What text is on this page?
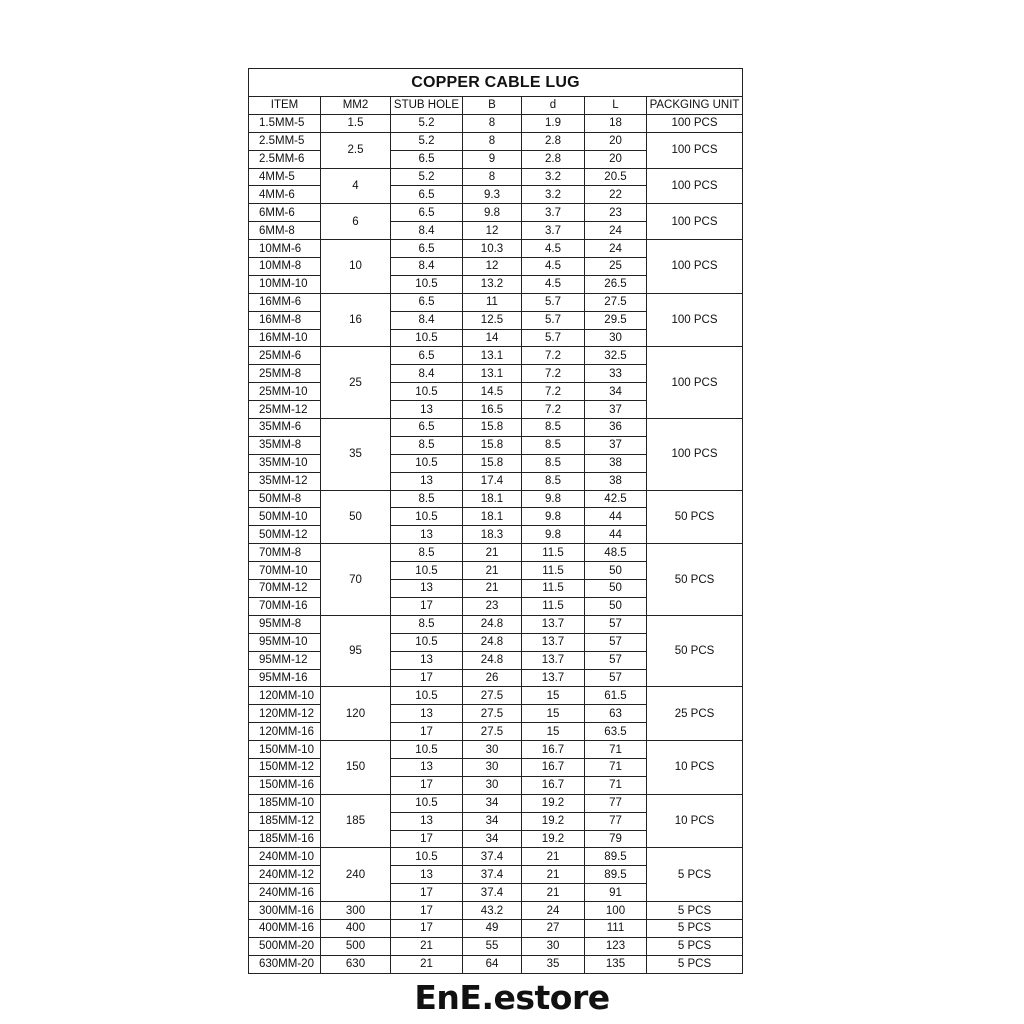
COPPER CABLE LUG						
ITEM	MM2	STUB HOLE	B	d	L	PACKGING UNIT
1.5MM-5	1.5	5.2	8	1.9	18	100 PCS
2.5MM-5	2.5	5.2	8	2.8	20	100 PCS
2.5MM-6		6.5	9	2.8	20	
4MM-5	4	5.2	8	3.2	20.5	100 PCS
4MM-6		6.5	9.3	3.2	22	
6MM-6	6	6.5	9.8	3.7	23	100 PCS
6MM-8		8.4	12	3.7	24	
10MM-6	10	6.5	10.3	4.5	24	100 PCS
10MM-8		8.4	12	4.5	25	
10MM-10		10.5	13.2	4.5	26.5	
16MM-6	16	6.5	11	5.7	27.5	100 PCS
16MM-8		8.4	12.5	5.7	29.5	
16MM-10		10.5	14	5.7	30	
25MM-6	25	6.5	13.1	7.2	32.5	100 PCS
25MM-8		8.4	13.1	7.2	33	
25MM-10		10.5	14.5	7.2	34	
25MM-12		13	16.5	7.2	37	
35MM-6	35	6.5	15.8	8.5	36	100 PCS
35MM-8		8.5	15.8	8.5	37	
35MM-10		10.5	15.8	8.5	38	
35MM-12		13	17.4	8.5	38	
50MM-8	50	8.5	18.1	9.8	42.5	50 PCS
50MM-10		10.5	18.1	9.8	44	
50MM-12		13	18.3	9.8	44	
70MM-8	70	8.5	21	11.5	48.5	50 PCS
70MM-10		10.5	21	11.5	50	
70MM-12		13	21	11.5	50	
70MM-16		17	23	11.5	50	
95MM-8	95	8.5	24.8	13.7	57	50 PCS
95MM-10		10.5	24.8	13.7	57	
95MM-12		13	24.8	13.7	57	
95MM-16		17	26	13.7	57	
120MM-10	120	10.5	27.5	15	61.5	25 PCS
120MM-12		13	27.5	15	63	
120MM-16		17	27.5	15	63.5	
150MM-10	150	10.5	30	16.7	71	10 PCS
150MM-12		13	30	16.7	71	
150MM-16		17	30	16.7	71	
185MM-10	185	10.5	34	19.2	77	10 PCS
185MM-12		13	34	19.2	77	
185MM-16		17	34	19.2	79	
240MM-10	240	10.5	37.4	21	89.5	5 PCS
240MM-12		13	37.4	21	89.5	
240MM-16		17	37.4	21	91	
300MM-16	300	17	43.2	24	100	5 PCS
400MM-16	400	17	49	27	111	5 PCS
500MM-20	500	21	55	30	123	5 PCS
630MM-20	630	21	64	35	135	5 PCS
EnE.estore
